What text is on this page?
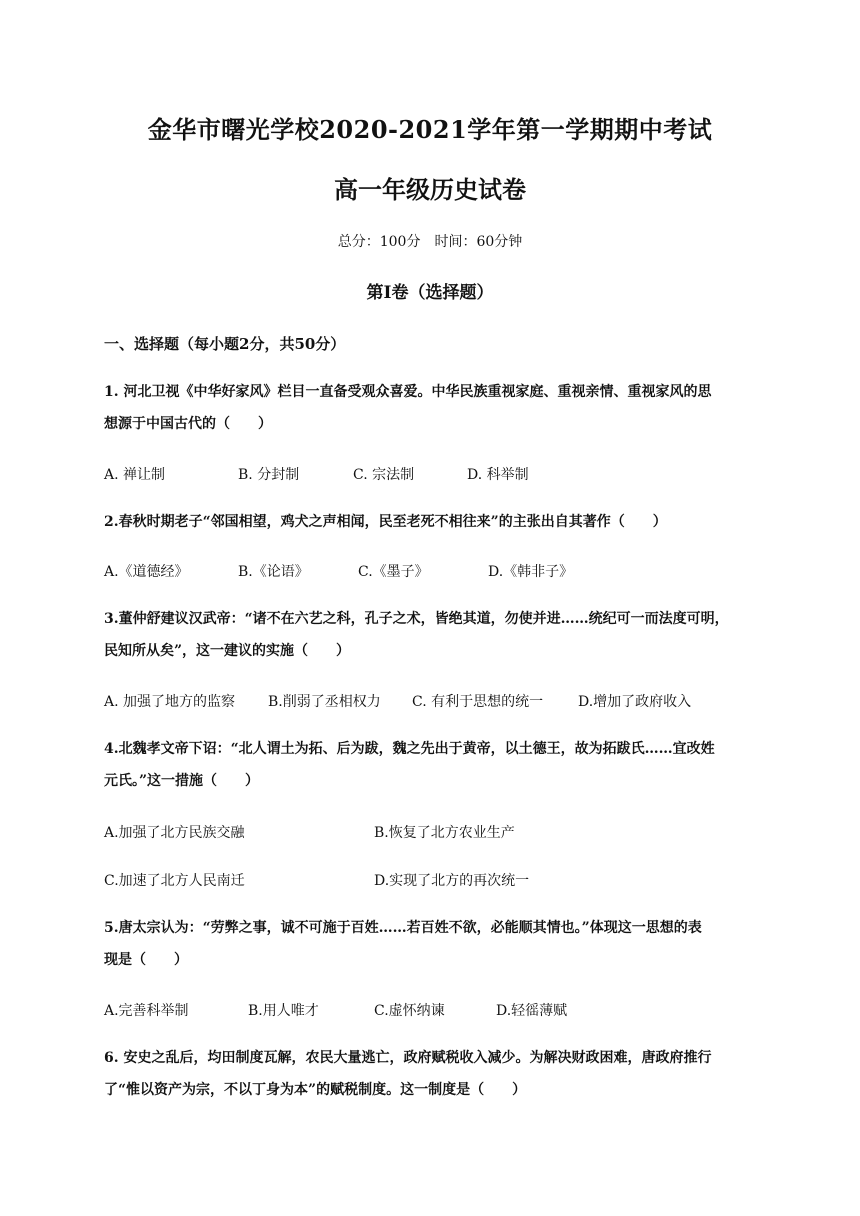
金华市曙光学校2020-2021学年第一学期期中考试
高一年级历史试卷
总分：100分　时间：60分钟
第Ⅰ卷（选择题）
一、选择题（每小题2分，共50分）
1. 河北卫视《中华好家风》栏目一直备受观众喜爱。中华民族重视家庭、重视亲情、重视家风的思
想源于中国古代的（　　）
A. 禅让制	B. 分封制	C. 宗法制	D. 科举制
2.春秋时期老子“邻国相望，鸡犬之声相闻，民至老死不相往来”的主张出自其著作（　　）
A.《道德经》	B.《论语》	C.《墨子》	D.《韩非子》
3.董仲舒建议汉武帝：“诸不在六艺之科，孔子之术，皆绝其道，勿使并进……统纪可一而法度可明，
民知所从矣”，这一建议的实施（　　）
A. 加强了地方的监察 B.削弱了丞相权力 C. 有利于思想的统一 D.增加了政府收入
4.北魏孝文帝下诏：“北人谓土为拓、后为跋，魏之先出于黄帝，以土德王，故为拓跋氏……宜改姓
元氏。”这一措施（　　）
A.加强了北方民族交融	B.恢复了北方农业生产
C.加速了北方人民南迁	D.实现了北方的再次统一
5.唐太宗认为：“劳弊之事，诚不可施于百姓……若百姓不欲，必能顺其情也。”体现这一思想的表
现是（　　）
A.完善科举制	B.用人唯才	C.虚怀纳谏	D.轻徭薄赋
6. 安史之乱后，均田制度瓦解，农民大量逃亡，政府赋税收入减少。为解决财政困难，唐政府推行
了“惟以资产为宗，不以丁身为本”的赋税制度。这一制度是（　　）
